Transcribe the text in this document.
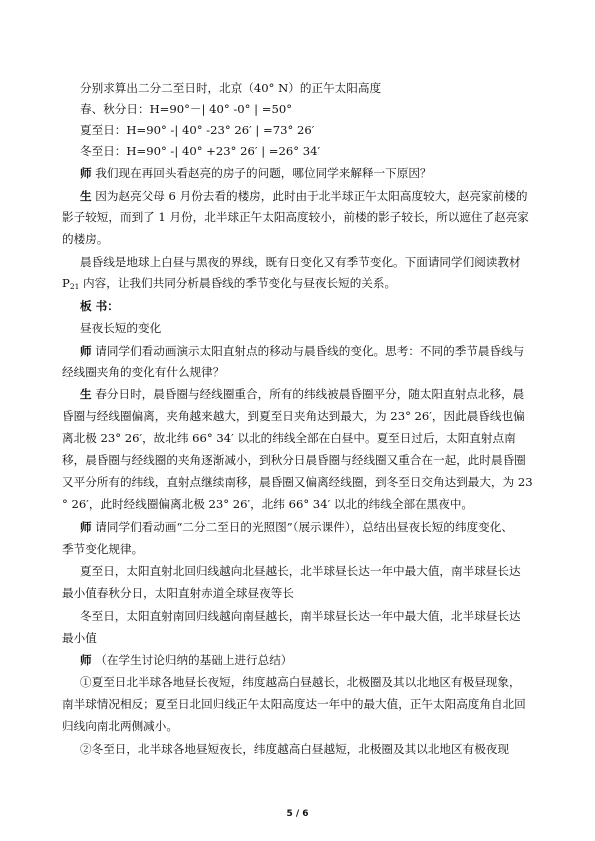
分别求算出二分二至日时，北京（40° N）的正午太阳高度
春、秋分日：H=90°－| 40° -0° | =50°
夏至日：H=90° -| 40° -23° 26′ | =73° 26′
冬至日：H=90° -| 40° +23° 26′ | =26° 34′
师 我们现在再回头看赵亮的房子的问题，哪位同学来解释一下原因？
生 因为赵亮父母 6 月份去看的楼房，此时由于北半球正午太阳高度较大，赵亮家前楼的
影子较短，而到了 1 月份，北半球正午太阳高度较小，前楼的影子较长，所以遮住了赵亮家
的楼房。
晨昏线是地球上白昼与黑夜的界线，既有日变化又有季节变化。下面请同学们阅读教材
$P_{21}$ 内容，让我们共同分析晨昏线的季节变化与昼夜长短的关系。
板 书：
昼夜长短的变化
师 请同学们看动画演示太阳直射点的移动与晨昏线的变化。思考：不同的季节晨昏线与
经线圈夹角的变化有什么规律？
生 春分日时，晨昏圈与经线圈重合，所有的纬线被晨昏圈平分，随太阳直射点北移，晨
昏圈与经线圈偏离，夹角越来越大，到夏至日夹角达到最大，为 23° 26′，因此晨昏线也偏
离北极 23° 26′，故北纬 66° 34′ 以北的纬线全部在白昼中。夏至日过后，太阳直射点南
移，晨昏圈与经线圈的夹角逐渐减小，到秋分日晨昏圈与经线圈又重合在一起，此时晨昏圈
又平分所有的纬线，直射点继续南移，晨昏圈又偏离经线圈，到冬至日交角达到最大，为 23
° 26′，此时经线圈偏离北极 23° 26′，北纬 66° 34′ 以北的纬线全部在黑夜中。
师 请同学们看动画“二分二至日的光照图”（展示课件），总结出昼夜长短的纬度变化、
季节变化规律。
夏至日，太阳直射北回归线越向北昼越长，北半球昼长达一年中最大值，南半球昼长达
最小值春秋分日，太阳直射赤道全球昼夜等长
冬至日，太阳直射南回归线越向南昼越长，南半球昼长达一年中最大值，北半球昼长达
最小值
师 （在学生讨论归纳的基础上进行总结）
①夏至日北半球各地昼长夜短，纬度越高白昼越长，北极圈及其以北地区有极昼现象，
南半球情况相反；夏至日北回归线正午太阳高度达一年中的最大值，正午太阳高度角自北回
归线向南北两侧减小。
②冬至日，北半球各地昼短夜长，纬度越高白昼越短，北极圈及其以北地区有极夜现
5 / 6
